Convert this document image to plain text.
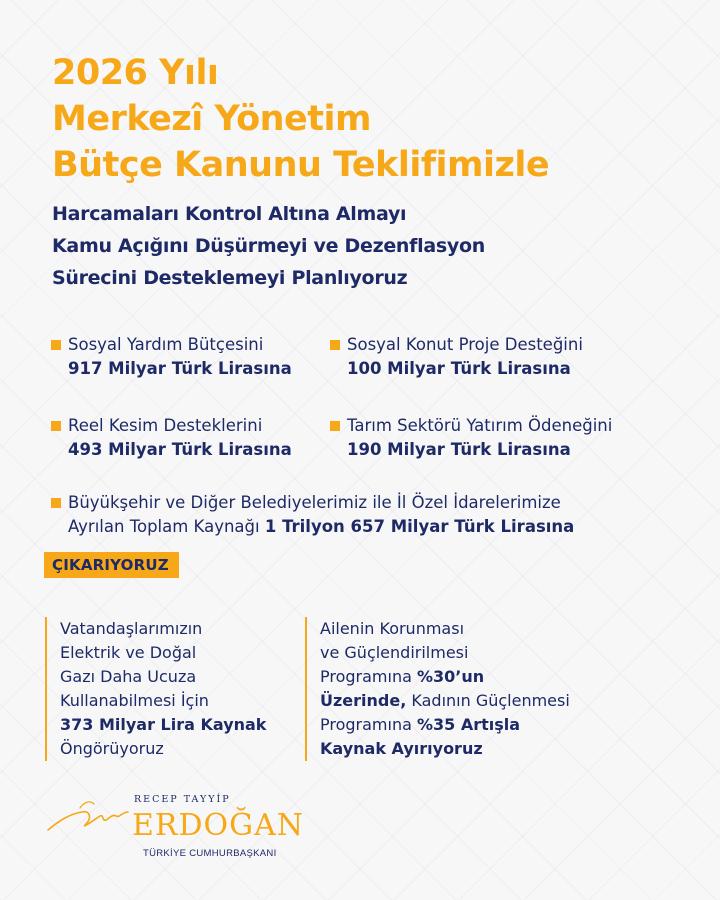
2026 Yılı
Merkezî Yönetim
Bütçe Kanunu Teklifimizle
Harcamaları Kontrol Altına Almayı
Kamu Açığını Düşürmeyi ve Dezenflasyon
Sürecini Desteklemeyi Planlıyoruz
Sosyal Yardım Bütçesini
917 Milyar Türk Lirasına
Sosyal Konut Proje Desteğini
100 Milyar Türk Lirasına
Reel Kesim Desteklerini
493 Milyar Türk Lirasına
Tarım Sektörü Yatırım Ödeneğini
190 Milyar Türk Lirasına
Büyükşehir ve Diğer Belediyelerimiz ile İl Özel İdarelerimize
Ayrılan Toplam Kaynağı 1 Trilyon 657 Milyar Türk Lirasına
ÇIKARIYORUZ
Vatandaşlarımızın
Elektrik ve Doğal
Gazı Daha Ucuza
Kullanabilmesi İçin
373 Milyar Lira Kaynak
Öngörüyoruz
Ailenin Korunması
ve Güçlendirilmesi
Programına %30’un
Üzerinde, Kadının Güçlenmesi
Programına %35 Artışla
Kaynak Ayırıyoruz
RECEP TAYYİP
ERDOĞAN
TÜRKİYE CUMHURBAŞKANI
